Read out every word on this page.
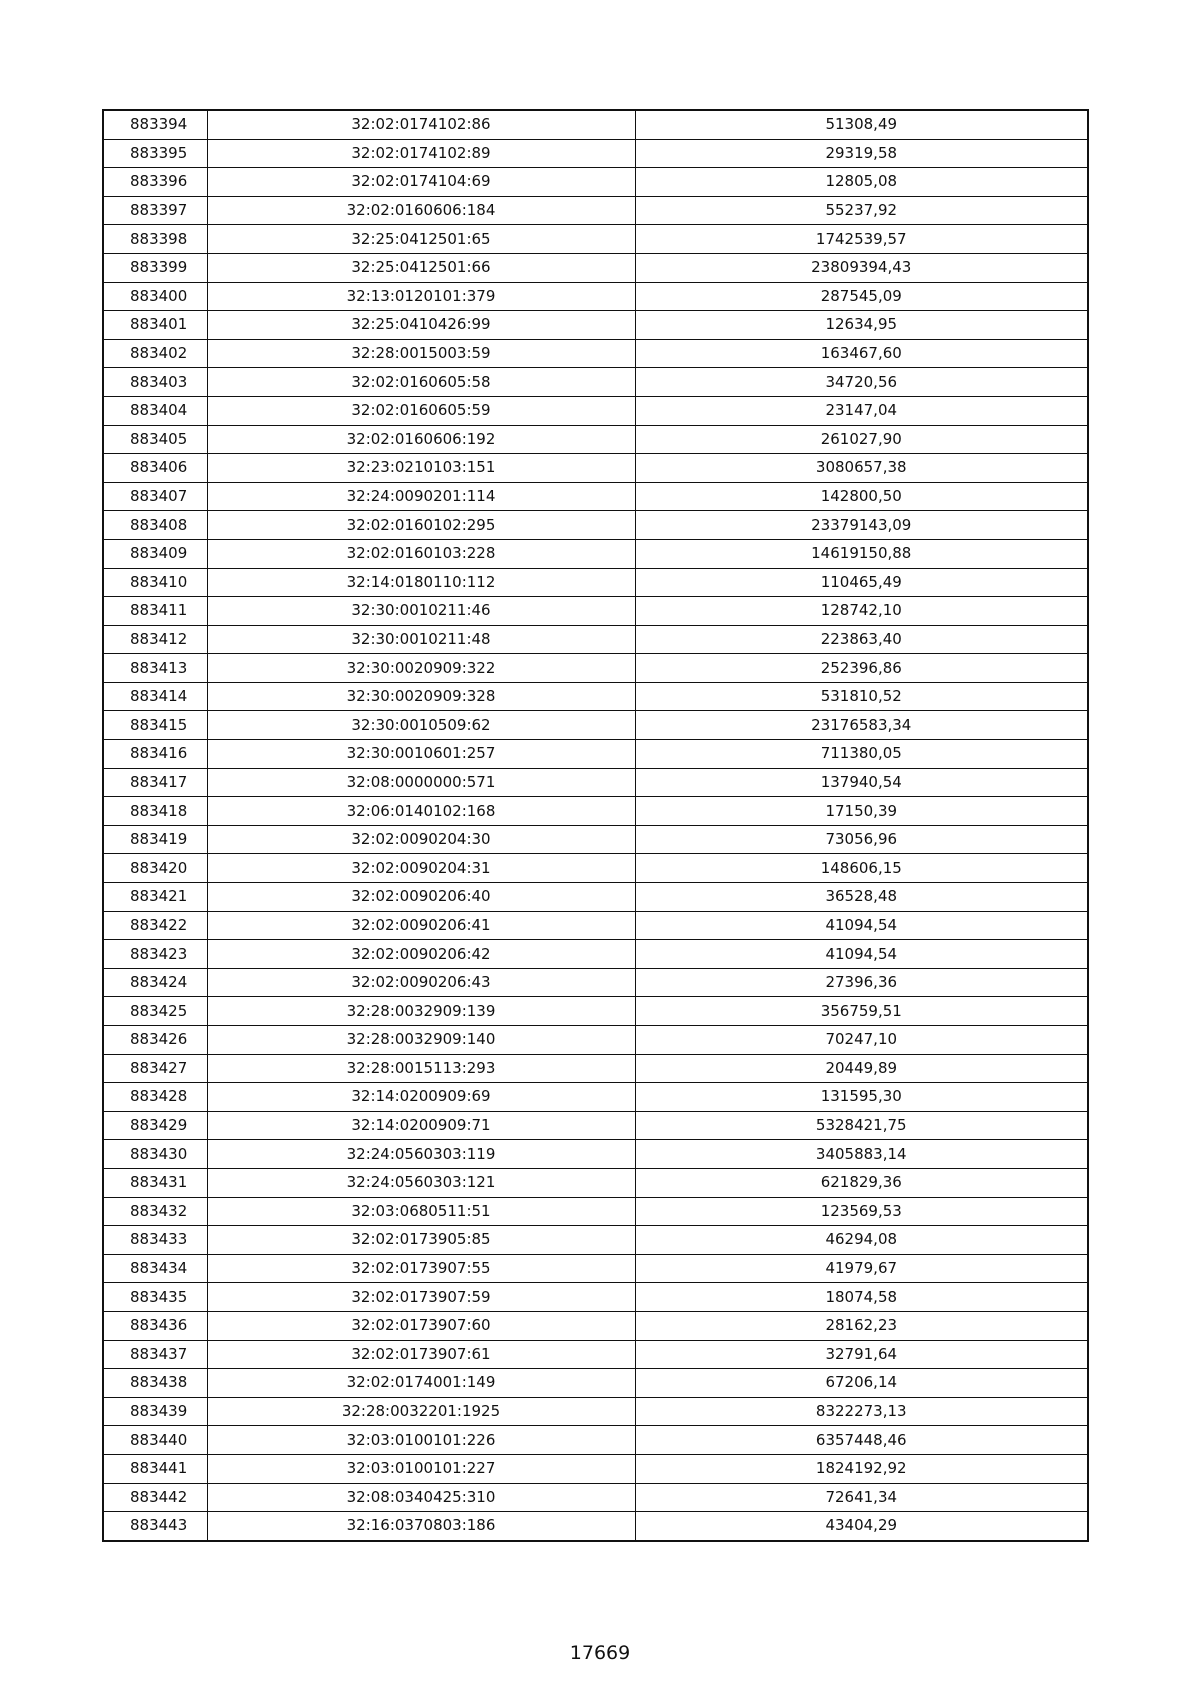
883394	32:02:0174102:86	51308,49
883395	32:02:0174102:89	29319,58
883396	32:02:0174104:69	12805,08
883397	32:02:0160606:184	55237,92
883398	32:25:0412501:65	1742539,57
883399	32:25:0412501:66	23809394,43
883400	32:13:0120101:379	287545,09
883401	32:25:0410426:99	12634,95
883402	32:28:0015003:59	163467,60
883403	32:02:0160605:58	34720,56
883404	32:02:0160605:59	23147,04
883405	32:02:0160606:192	261027,90
883406	32:23:0210103:151	3080657,38
883407	32:24:0090201:114	142800,50
883408	32:02:0160102:295	23379143,09
883409	32:02:0160103:228	14619150,88
883410	32:14:0180110:112	110465,49
883411	32:30:0010211:46	128742,10
883412	32:30:0010211:48	223863,40
883413	32:30:0020909:322	252396,86
883414	32:30:0020909:328	531810,52
883415	32:30:0010509:62	23176583,34
883416	32:30:0010601:257	711380,05
883417	32:08:0000000:571	137940,54
883418	32:06:0140102:168	17150,39
883419	32:02:0090204:30	73056,96
883420	32:02:0090204:31	148606,15
883421	32:02:0090206:40	36528,48
883422	32:02:0090206:41	41094,54
883423	32:02:0090206:42	41094,54
883424	32:02:0090206:43	27396,36
883425	32:28:0032909:139	356759,51
883426	32:28:0032909:140	70247,10
883427	32:28:0015113:293	20449,89
883428	32:14:0200909:69	131595,30
883429	32:14:0200909:71	5328421,75
883430	32:24:0560303:119	3405883,14
883431	32:24:0560303:121	621829,36
883432	32:03:0680511:51	123569,53
883433	32:02:0173905:85	46294,08
883434	32:02:0173907:55	41979,67
883435	32:02:0173907:59	18074,58
883436	32:02:0173907:60	28162,23
883437	32:02:0173907:61	32791,64
883438	32:02:0174001:149	67206,14
883439	32:28:0032201:1925	8322273,13
883440	32:03:0100101:226	6357448,46
883441	32:03:0100101:227	1824192,92
883442	32:08:0340425:310	72641,34
883443	32:16:0370803:186	43404,29
17669
